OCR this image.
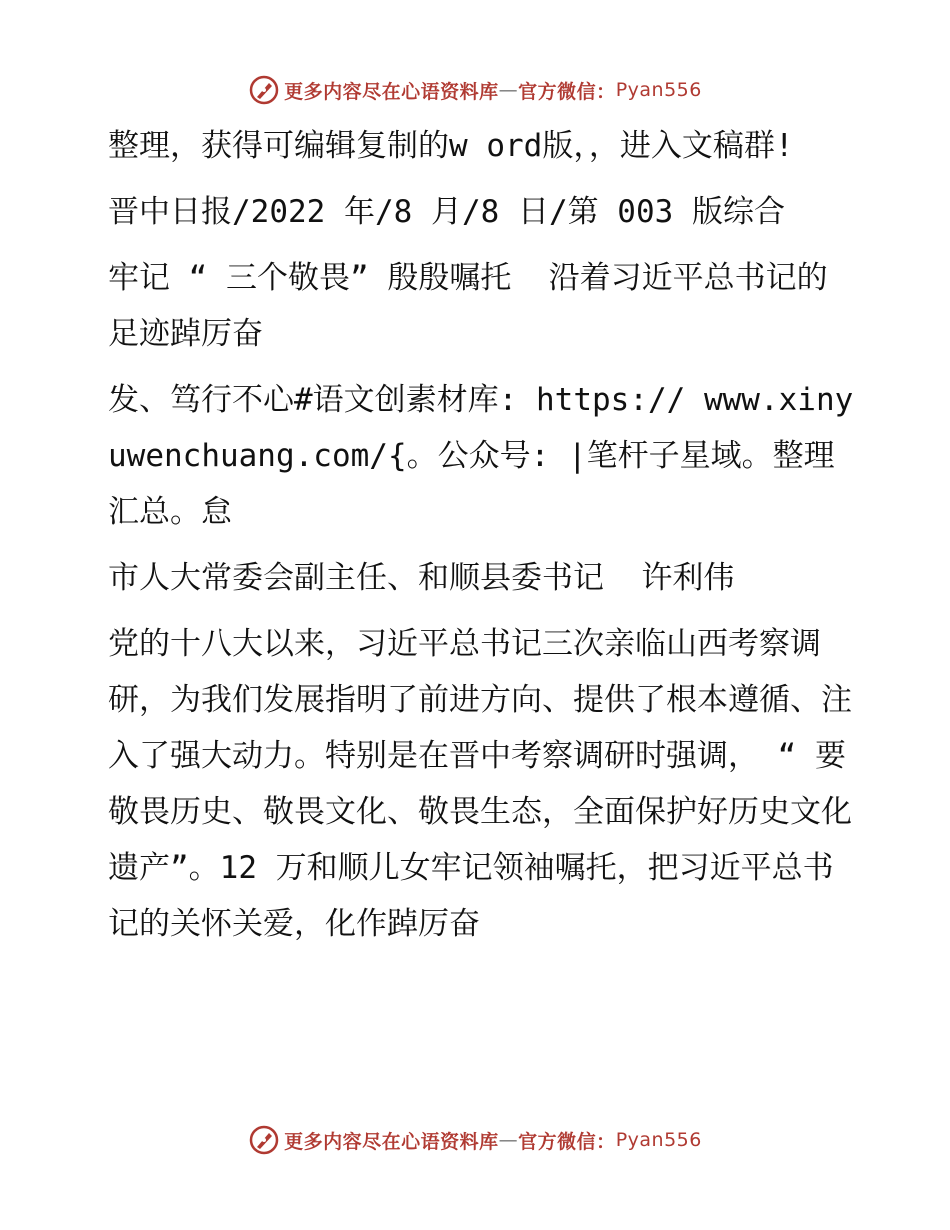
更多内容尽在心语资料库 — 官方微信： Pyan556

整理，获得可编辑复制的w ord版，，进入文稿群!

晋中日报/2022 年/8 月/8 日/第 003 版综合

牢记 “ 三个敬畏” 殷殷嘱托  沿着习近平总书记的足迹踔厉奋

发、笃行不心#语文创素材库: https:// www.xinyuwenchuang.com/{。公众号: |笔杆子星域。整理汇总。怠

市人大常委会副主任、和顺县委书记  许利伟

党的十八大以来，习近平总书记三次亲临山西考察调研，为我们发展指明了前进方向、提供了根本遵循、注入了强大动力。特别是在晋中考察调研时强调， “ 要敬畏历史、敬畏文化、敬畏生态，全面保护好历史文化遗产”。12 万和顺儿女牢记领袖嘱托，把习近平总书记的关怀关爱，化作踔厉奋

更多内容尽在心语资料库 — 官方微信： Pyan556
